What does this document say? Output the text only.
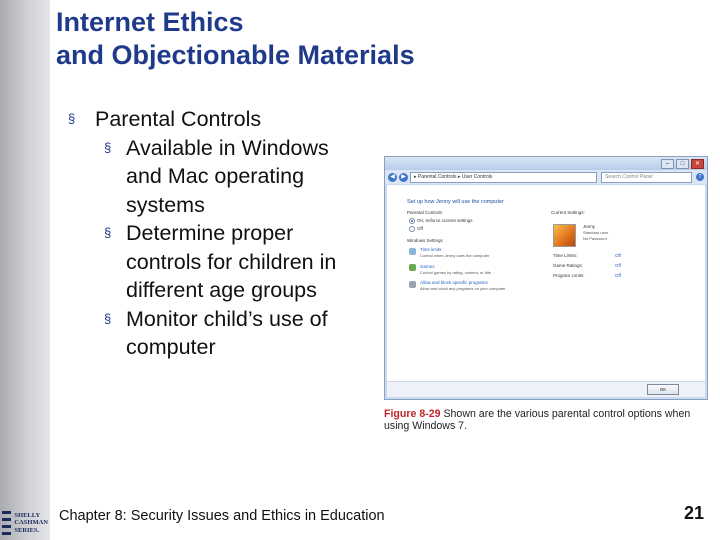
SHELLY
CASHMAN
SERIES.
Internet Ethics
and Objectionable Materials
§ Parental Controls
§ Available in Windows
and Mac operating
systems
§ Determine proper
controls for children in
different age groups
§ Monitor child’s use of
computer
–	□	✕
◀	▶	▸ Parental Controls ▸ User Controls	Search Control Panel	?
Set up how Jenny will use the computer
Parental Controls:
On, enforce current settings
Off
Windows Settings
Time limits
Control when Jenny uses the computer
Games
Control games by rating, content, or title
Allow and block specific programs
Allow and block any programs on your computer
Current Settings:
Jenny
Standard user
No Password
Time Limits:	Off
Game Ratings:	Off
Program Limits:	Off
OK
Figure 8-29 Shown are the various parental control options when using Windows 7.
Chapter 8: Security Issues and Ethics in Education	21
